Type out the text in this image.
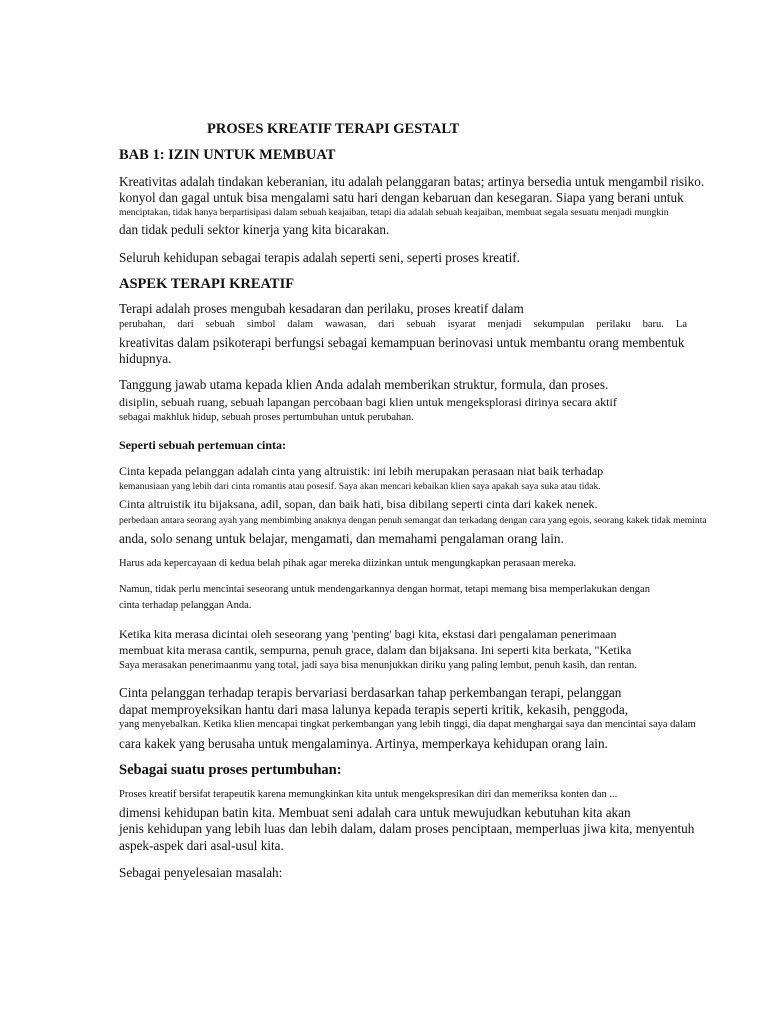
PROSES KREATIF TERAPI GESTALT
BAB 1: IZIN UNTUK MEMBUAT
Kreativitas adalah tindakan keberanian, itu adalah pelanggaran batas; artinya bersedia untuk mengambil risiko.
konyol dan gagal untuk bisa mengalami satu hari dengan kebaruan dan kesegaran. Siapa yang berani untuk
menciptakan, tidak hanya berpartisipasi dalam sebuah keajaiban, tetapi dia adalah sebuah keajaiban, membuat segala sesuatu menjadi mungkin
dan tidak peduli sektor kinerja yang kita bicarakan.
Seluruh kehidupan sebagai terapis adalah seperti seni, seperti proses kreatif.
ASPEK TERAPI KREATIF
Terapi adalah proses mengubah kesadaran dan perilaku, proses kreatif dalam
perubahan, dari sebuah simbol dalam wawasan, dari sebuah isyarat menjadi sekumpulan perilaku baru. La
kreativitas dalam psikoterapi berfungsi sebagai kemampuan berinovasi untuk membantu orang membentuk
hidupnya.
Tanggung jawab utama kepada klien Anda adalah memberikan struktur, formula, dan proses.
disiplin, sebuah ruang, sebuah lapangan percobaan bagi klien untuk mengeksplorasi dirinya secara aktif
sebagai makhluk hidup, sebuah proses pertumbuhan untuk perubahan.
Seperti sebuah pertemuan cinta:
Cinta kepada pelanggan adalah cinta yang altruistik: ini lebih merupakan perasaan niat baik terhadap
kemanusiaan yang lebih dari cinta romantis atau posesif. Saya akan mencari kebaikan klien saya apakah saya suka atau tidak.
Cinta altruistik itu bijaksana, adil, sopan, dan baik hati, bisa dibilang seperti cinta dari kakek nenek.
perbedaan antara seorang ayah yang membimbing anaknya dengan penuh semangat dan terkadang dengan cara yang egois, seorang kakek tidak meminta
anda, solo senang untuk belajar, mengamati, dan memahami pengalaman orang lain.
Harus ada kepercayaan di kedua belah pihak agar mereka diizinkan untuk mengungkapkan perasaan mereka.
Namun, tidak perlu mencintai seseorang untuk mendengarkannya dengan hormat, tetapi memang bisa memperlakukan dengan
cinta terhadap pelanggan Anda.
Ketika kita merasa dicintai oleh seseorang yang 'penting' bagi kita, ekstasi dari pengalaman penerimaan
membuat kita merasa cantik, sempurna, penuh grace, dalam dan bijaksana. Ini seperti kita berkata, "Ketika
Saya merasakan penerimaanmu yang total, jadi saya bisa menunjukkan diriku yang paling lembut, penuh kasih, dan rentan.
Cinta pelanggan terhadap terapis bervariasi berdasarkan tahap perkembangan terapi, pelanggan
dapat memproyeksikan hantu dari masa lalunya kepada terapis seperti kritik, kekasih, penggoda,
yang menyebalkan. Ketika klien mencapai tingkat perkembangan yang lebih tinggi, dia dapat menghargai saya dan mencintai saya dalam
cara kakek yang berusaha untuk mengalaminya. Artinya, memperkaya kehidupan orang lain.
Sebagai suatu proses pertumbuhan:
Proses kreatif bersifat terapeutik karena memungkinkan kita untuk mengekspresikan diri dan memeriksa konten dan ...
dimensi kehidupan batin kita. Membuat seni adalah cara untuk mewujudkan kebutuhan kita akan
jenis kehidupan yang lebih luas dan lebih dalam, dalam proses penciptaan, memperluas jiwa kita, menyentuh
aspek-aspek dari asal-usul kita.
Sebagai penyelesaian masalah:
